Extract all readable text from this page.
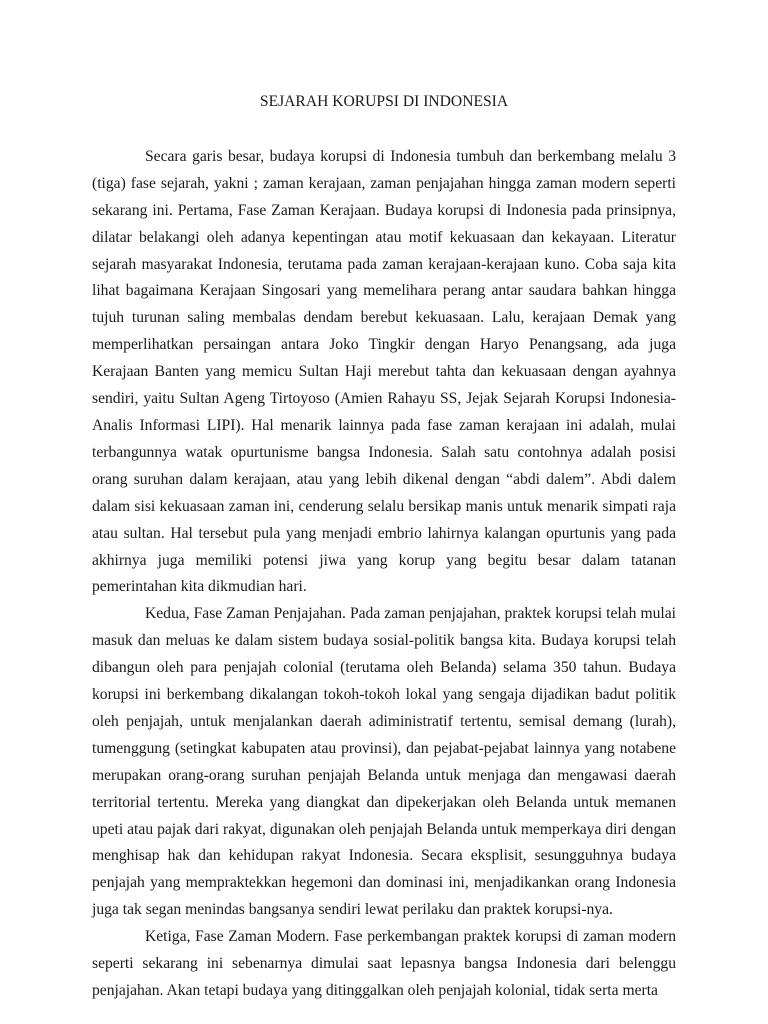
SEJARAH KORUPSI DI INDONESIA

Secara garis besar, budaya korupsi di Indonesia tumbuh dan berkembang melalu 3 (tiga) fase sejarah, yakni ; zaman kerajaan, zaman penjajahan hingga zaman modern seperti sekarang ini. Pertama, Fase Zaman Kerajaan. Budaya korupsi di Indonesia pada prinsipnya, dilatar belakangi oleh adanya kepentingan atau motif kekuasaan dan kekayaan. Literatur sejarah masyarakat Indonesia, terutama pada zaman kerajaan-kerajaan kuno. Coba saja kita lihat bagaimana Kerajaan Singosari yang memelihara perang antar saudara bahkan hingga tujuh turunan saling membalas dendam berebut kekuasaan. Lalu, kerajaan Demak yang memperlihatkan persaingan antara Joko Tingkir dengan Haryo Penangsang, ada juga Kerajaan Banten yang memicu Sultan Haji merebut tahta dan kekuasaan dengan ayahnya sendiri, yaitu Sultan Ageng Tirtoyoso (Amien Rahayu SS, Jejak Sejarah Korupsi Indonesia- Analis Informasi LIPI). Hal menarik lainnya pada fase zaman kerajaan ini adalah, mulai terbangunnya watak opurtunisme bangsa Indonesia. Salah satu contohnya adalah posisi orang suruhan dalam kerajaan, atau yang lebih dikenal dengan “abdi dalem”. Abdi dalem dalam sisi kekuasaan zaman ini, cenderung selalu bersikap manis untuk menarik simpati raja atau sultan. Hal tersebut pula yang menjadi embrio lahirnya kalangan opurtunis yang pada akhirnya juga memiliki potensi jiwa yang korup yang begitu besar dalam tatanan pemerintahan kita dikmudian hari.

Kedua, Fase Zaman Penjajahan. Pada zaman penjajahan, praktek korupsi telah mulai masuk dan meluas ke dalam sistem budaya sosial-politik bangsa kita. Budaya korupsi telah dibangun oleh para penjajah colonial (terutama oleh Belanda) selama 350 tahun. Budaya korupsi ini berkembang dikalangan tokoh-tokoh lokal yang sengaja dijadikan badut politik oleh penjajah, untuk menjalankan daerah adiministratif tertentu, semisal demang (lurah), tumenggung (setingkat kabupaten atau provinsi), dan pejabat-pejabat lainnya yang notabene merupakan orang-orang suruhan penjajah Belanda untuk menjaga dan mengawasi daerah territorial tertentu. Mereka yang diangkat dan dipekerjakan oleh Belanda untuk memanen upeti atau pajak dari rakyat, digunakan oleh penjajah Belanda untuk memperkaya diri dengan menghisap hak dan kehidupan rakyat Indonesia. Secara eksplisit, sesungguhnya budaya penjajah yang mempraktekkan hegemoni dan dominasi ini, menjadikankan orang Indonesia juga tak segan menindas bangsanya sendiri lewat perilaku dan praktek korupsi-nya.

Ketiga, Fase Zaman Modern. Fase perkembangan praktek korupsi di zaman modern seperti sekarang ini sebenarnya dimulai saat lepasnya bangsa Indonesia dari belenggu penjajahan. Akan tetapi budaya yang ditinggalkan oleh penjajah kolonial, tidak serta merta
